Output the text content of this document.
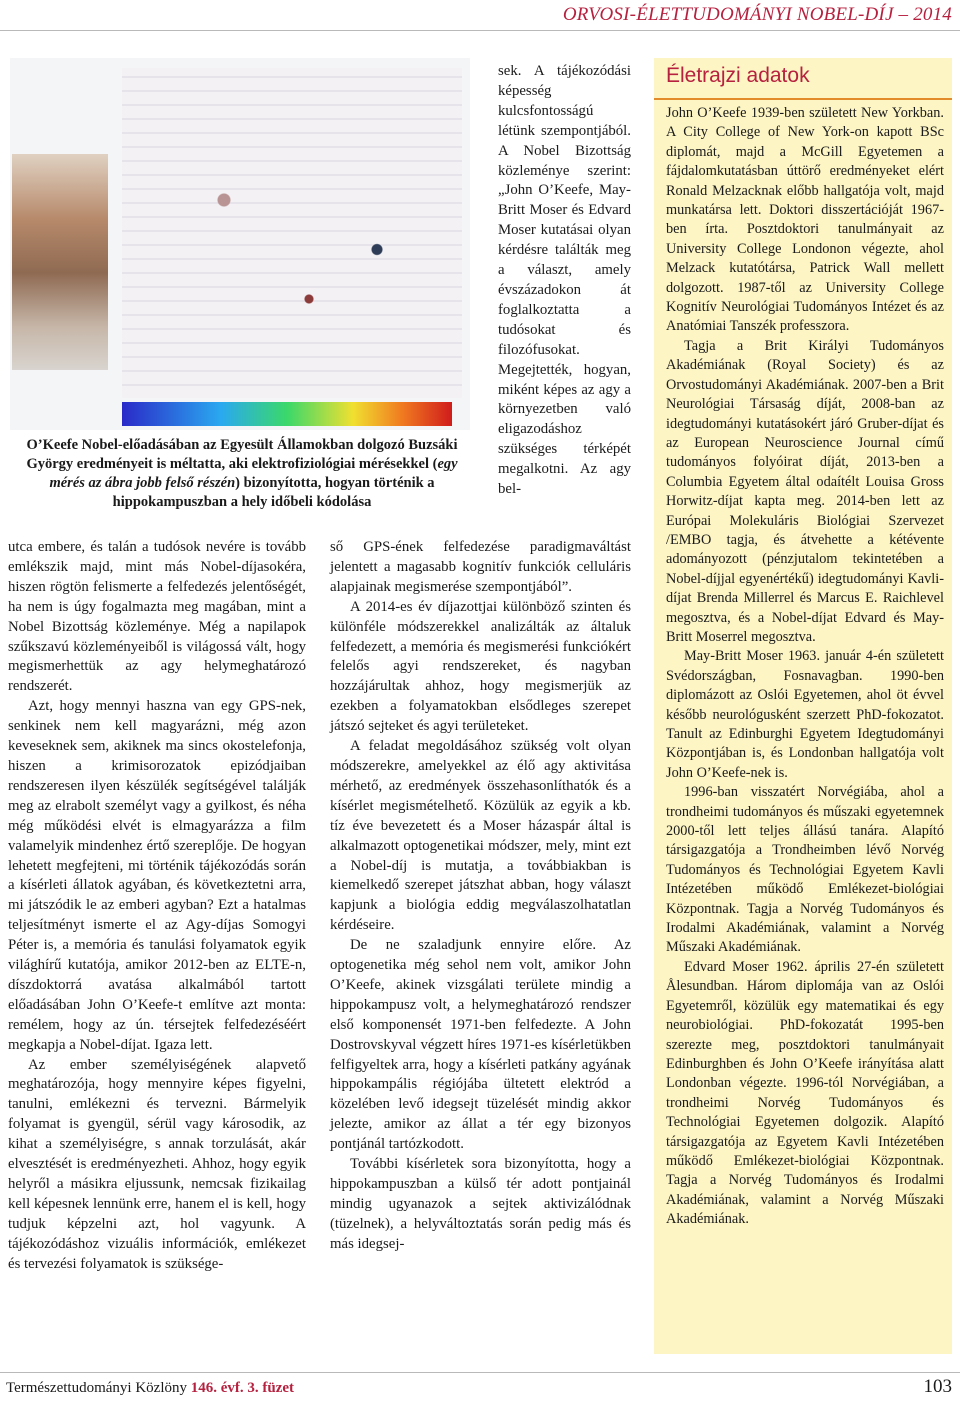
ORVOSI-ÉLETTUDOMÁNYI NOBEL-DÍJ – 2014
O’Keefe Nobel-előadásában az Egyesült Államokban dolgozó Buzsáki György eredményeit is méltatta, aki elektrofiziológiai mérésekkel (egy mérés az ábra jobb felső részén) bizonyította, hogyan történik a hippokampuszban a hely időbeli kódolása

sek. A tájékozódási képesség kulcsfontosságú létünk szempontjából. A Nobel Bizottság közleménye szerint: „John O’Keefe, May-Britt Moser és Edvard Moser kutatásai olyan kérdésre találták meg a választ, amely évszázadokon át foglalkoztatta a tudósokat és filozófusokat. Megejtették, hogyan, miként képes az agy a környezetben való eligazodáshoz szükséges térképét megalkotni. Az agy bel-

utca embere, és talán a tudósok nevére is tovább emlékszik majd, mint más Nobel-díjasokéra, hiszen rögtön felismerte a felfedezés jelentőségét, ha nem is úgy fogalmazta meg magában, mint a Nobel Bizottság közleménye. Még a napilapok szűkszavú közleményeiből is világossá vált, hogy megismerhettük az agy helymeghatározó rendszerét.

Azt, hogy mennyi haszna van egy GPS-nek, senkinek nem kell magyarázni, még azon keveseknek sem, akiknek ma sincs okostelefonja, hiszen a krimisorozatok epizódjaiban rendszeresen ilyen készülék segítségével találják meg az elrabolt személyt vagy a gyilkost, és néha még működési elvét is elmagyarázza a film valamelyik mindenhez értő szereplője. De hogyan lehetett megfejteni, mi történik tájékozódás során a kísérleti állatok agyában, és következtetni arra, mi játszódik le az emberi agyban? Ezt a hatalmas teljesítményt ismerte el az Agy-díjas Somogyi Péter is, a memória és tanulási folyamatok egyik világhírű kutatója, amikor 2012-ben az ELTE-n, díszdoktorrá avatása alkalmából tartott előadásában John O’Keefe-t említve azt monta: remélem, hogy az ún. térsejtek felfedezéséért megkapja a Nobel-díjat. Igaza lett.

Az ember személyiségének alapvető meghatározója, hogy mennyire képes figyelni, tanulni, emlékezni és tervezni. Bármelyik folyamat is gyengül, sérül vagy károsodik, az kihat a személyiségre, s annak torzulását, akár elvesztését is eredményezheti. Ahhoz, hogy egyik helyről a másikra eljussunk, nemcsak fizikailag kell képesnek lennünk erre, hanem el is kell, hogy tudjuk képzelni azt, hol vagyunk. A tájékozódáshoz vizuális információk, emlékezet és tervezési folyamatok is szüksége-

ső GPS-ének felfedezése paradigmaváltást jelentett a magasabb kognitív funkciók celluláris alapjainak megismerése szempontjából”.

A 2014-es év díjazottjai különböző szinten és különféle módszerekkel analizálták az általuk felfedezett, a memória és megismerési funkciókért felelős agyi rendszereket, és nagyban hozzájárultak ahhoz, hogy megismerjük az ezekben a folyamatokban elsődleges szerepet játszó sejteket és agyi területeket.

A feladat megoldásához szükség volt olyan módszerekre, amelyekkel az élő agy aktivitása mérhető, az eredmények összehasonlíthatók és a kísérlet megismételhető. Közülük az egyik a kb. tíz éve bevezetett és a Moser házaspár által is alkalmazott optogenetikai módszer, mely, mint ezt a Nobel-díj is mutatja, a továbbiakban is kiemelkedő szerepet játszhat abban, hogy választ kapjunk a biológia eddig megválaszolhatatlan kérdéseire.

De ne szaladjunk ennyire előre. Az optogenetika még sehol nem volt, amikor John O’Keefe, akinek vizsgálati területe mindig a hippokampusz volt, a helymeghatározó rendszer első komponensét 1971-ben felfedezte. A John Dostrovskyval végzett híres 1971-es kísérletükben felfigyeltek arra, hogy a kísérleti patkány agyának hippokampális régiójába ültetett elektród a közelében levő idegsejt tüzelését mindig akkor jelezte, amikor az állat a tér egy bizonyos pontjánál tartózkodott.

További kísérletek sora bizonyította, hogy a hippokampuszban a külső tér adott pontjainál mindig ugyanazok a sejtek aktivizálódnak (tüzelnek), a helyváltoztatás során pedig más és más idegsej-

Életrajzi adatok

John O’Keefe 1939-ben született New Yorkban. A City College of New York-on kapott BSc diplomát, majd a McGill Egyetemen a fájdalomkutatásban úttörő eredményeket elért Ronald Melzacknak előbb hallgatója volt, majd munkatársa lett. Doktori disszertációját 1967-ben írta. Posztdoktori tanulmányait az University College Londonon végezte, ahol Melzack kutatótársa, Patrick Wall mellett dolgozott. 1987-től az University College Kognitív Neurológiai Tudományos Intézet és az Anatómiai Tanszék professzora.

Tagja a Brit Királyi Tudományos Akadémiának (Royal Society) és az Orvostudományi Akadémiának. 2007-ben a Brit Neurológiai Társaság díját, 2008-ban az idegtudományi kutatásokért járó Gruber-díjat és az European Neuroscience Journal című tudományos folyóirat díját, 2013-ben a Columbia Egyetem által odaítélt Louisa Gross Horwitz-díjat kapta meg. 2014-ben lett az Európai Molekuláris Biológiai Szervezet /EMBO tagja, és átvehette a kétévente adományozott (pénzjutalom tekintetében a Nobel-díjjal egyenértékű) idegtudományi Kavli-díjat Brenda Millerrel és Marcus E. Raichlevel megosztva, és a Nobel-díjat Edvard és May-Britt Moserrel megosztva.

May-Britt Moser 1963. január 4-én született Svédországban, Fosnavagban. 1990-ben diplomázott az Oslói Egyetemen, ahol öt évvel később neurológusként szerzett PhD-fokozatot. Tanult az Edinburghi Egyetem Idegtudományi Központjában is, és Londonban hallgatója volt John O’Keefe-nek is.

1996-ban visszatért Norvégiába, ahol a trondheimi tudományos és műszaki egyetemnek 2000-től lett teljes állású tanára. Alapító társigazgatója a Trondheimben lévő Norvég Tudományos és Technológiai Egyetem Kavli Intézetében működő Emlékezet-biológiai Központnak. Tagja a Norvég Tudományos és Irodalmi Akadémiának, valamint a Norvég Műszaki Akadémiának.

Edvard Moser 1962. április 27-én született Ålesundban. Három diplomája van az Oslói Egyetemről, közülük egy matematikai és egy neurobiológiai. PhD-fokozatát 1995-ben szerezte meg, posztdoktori tanulmányait Edinburghben és John O’Keefe irányítása alatt Londonban végezte. 1996-tól Norvégiában, a trondheimi Norvég Tudományos és Technológiai Egyetemen dolgozik. Alapító társigazgatója az Egyetem Kavli Intézetében működő Emlékezet-biológiai Központnak. Tagja a Norvég Tudományos és Irodalmi Akadémiának, valamint a Norvég Műszaki Akadémiának.

Természettudományi Közlöny 146. évf. 3. füzet	103
